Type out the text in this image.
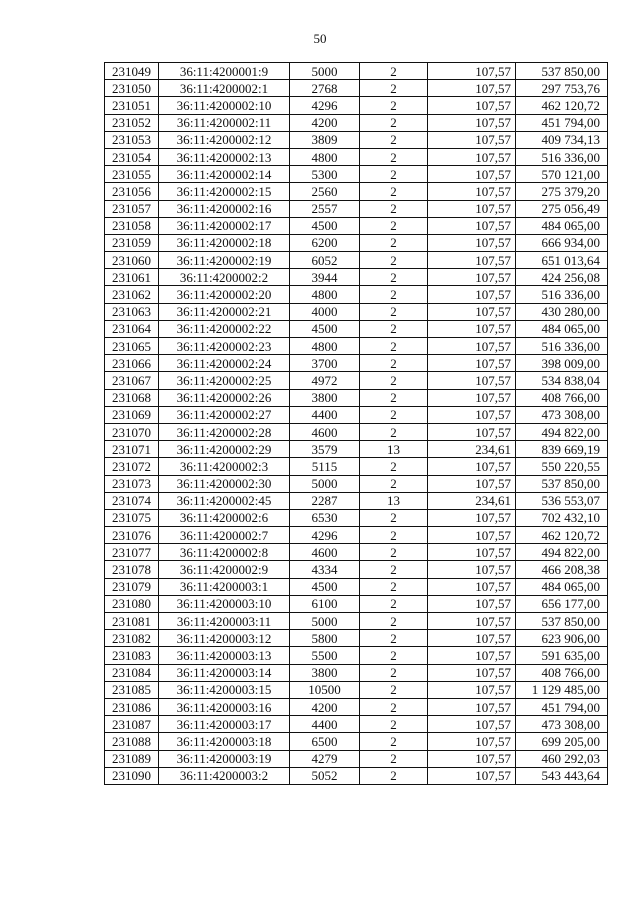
50
231049	36:11:4200001:9	5000	2	107,57	537 850,00
231050	36:11:4200002:1	2768	2	107,57	297 753,76
231051	36:11:4200002:10	4296	2	107,57	462 120,72
231052	36:11:4200002:11	4200	2	107,57	451 794,00
231053	36:11:4200002:12	3809	2	107,57	409 734,13
231054	36:11:4200002:13	4800	2	107,57	516 336,00
231055	36:11:4200002:14	5300	2	107,57	570 121,00
231056	36:11:4200002:15	2560	2	107,57	275 379,20
231057	36:11:4200002:16	2557	2	107,57	275 056,49
231058	36:11:4200002:17	4500	2	107,57	484 065,00
231059	36:11:4200002:18	6200	2	107,57	666 934,00
231060	36:11:4200002:19	6052	2	107,57	651 013,64
231061	36:11:4200002:2	3944	2	107,57	424 256,08
231062	36:11:4200002:20	4800	2	107,57	516 336,00
231063	36:11:4200002:21	4000	2	107,57	430 280,00
231064	36:11:4200002:22	4500	2	107,57	484 065,00
231065	36:11:4200002:23	4800	2	107,57	516 336,00
231066	36:11:4200002:24	3700	2	107,57	398 009,00
231067	36:11:4200002:25	4972	2	107,57	534 838,04
231068	36:11:4200002:26	3800	2	107,57	408 766,00
231069	36:11:4200002:27	4400	2	107,57	473 308,00
231070	36:11:4200002:28	4600	2	107,57	494 822,00
231071	36:11:4200002:29	3579	13	234,61	839 669,19
231072	36:11:4200002:3	5115	2	107,57	550 220,55
231073	36:11:4200002:30	5000	2	107,57	537 850,00
231074	36:11:4200002:45	2287	13	234,61	536 553,07
231075	36:11:4200002:6	6530	2	107,57	702 432,10
231076	36:11:4200002:7	4296	2	107,57	462 120,72
231077	36:11:4200002:8	4600	2	107,57	494 822,00
231078	36:11:4200002:9	4334	2	107,57	466 208,38
231079	36:11:4200003:1	4500	2	107,57	484 065,00
231080	36:11:4200003:10	6100	2	107,57	656 177,00
231081	36:11:4200003:11	5000	2	107,57	537 850,00
231082	36:11:4200003:12	5800	2	107,57	623 906,00
231083	36:11:4200003:13	5500	2	107,57	591 635,00
231084	36:11:4200003:14	3800	2	107,57	408 766,00
231085	36:11:4200003:15	10500	2	107,57	1 129 485,00
231086	36:11:4200003:16	4200	2	107,57	451 794,00
231087	36:11:4200003:17	4400	2	107,57	473 308,00
231088	36:11:4200003:18	6500	2	107,57	699 205,00
231089	36:11:4200003:19	4279	2	107,57	460 292,03
231090	36:11:4200003:2	5052	2	107,57	543 443,64
